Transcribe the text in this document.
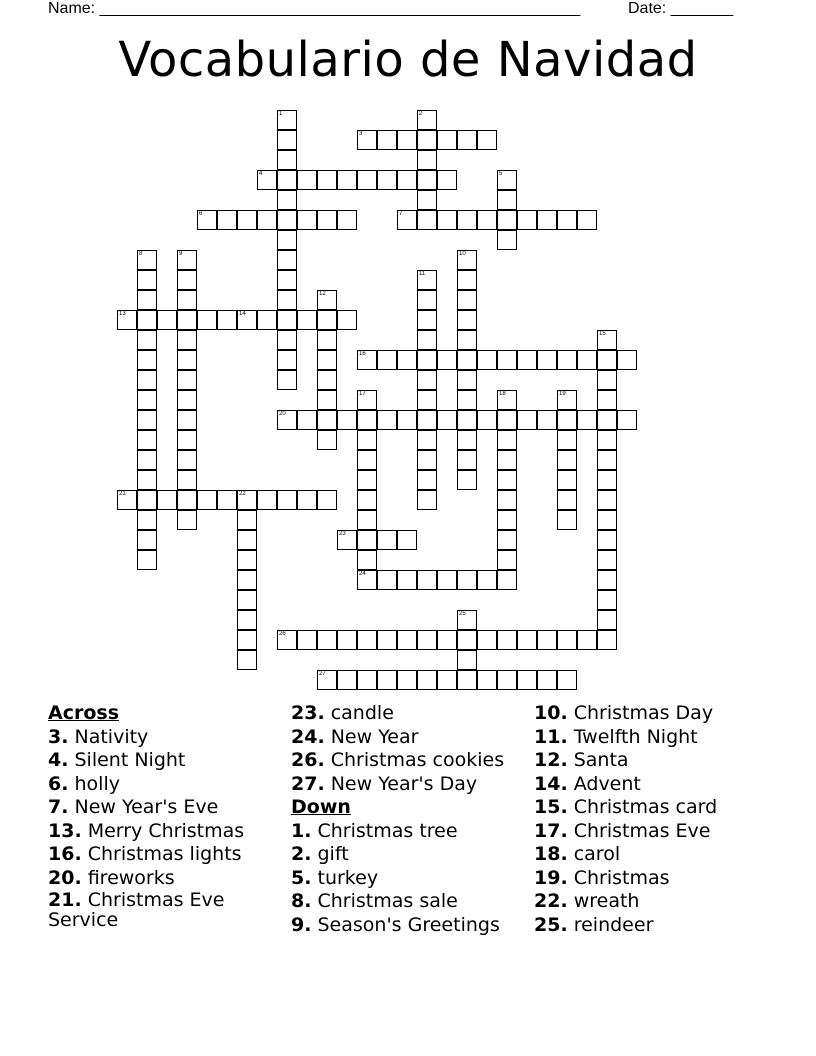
Name: ______________________________________________________	Date: _______
Vocabulario de Navidad
1	2
3
4	5
6	7
8	9	10
11
12
13	14
15
16
17
24
18	19
20
21	22
23
25
26
27
Across
3. Nativity
4. Silent Night
6. holly
7. New Year's Eve
13. Merry Christmas
16. Christmas lights
20. fireworks
21. Christmas Eve
Service
23. candle
24. New Year
26. Christmas cookies
27. New Year's Day
Down
1. Christmas tree
2. gift
5. turkey
8. Christmas sale
9. Season's Greetings
10. Christmas Day
11. Twelfth Night
12. Santa
14. Advent
15. Christmas card
17. Christmas Eve
18. carol
19. Christmas
22. wreath
25. reindeer
